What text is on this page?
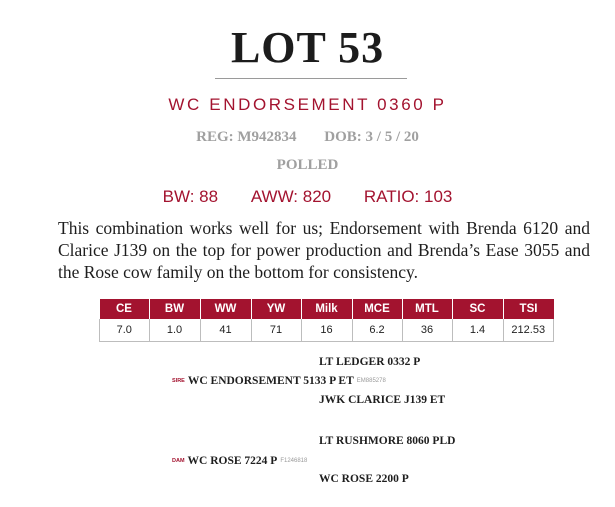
LOT 53
WC ENDORSEMENT 0360 P
REG: M942834 DOB: 3 / 5 / 20
POLLED
BW: 88 AWW: 820 RATIO: 103
This combination works well for us; Endorsement with Brenda 6120 and Clarice J139 on the top for power production and Brenda’s Ease 3055 and the Rose cow family on the bottom for consistency.
CE	BW	WW	YW	Milk	MCE	MTL	SC	TSI
7.0	1.0	41	71	16	6.2	36	1.4	212.53
LT LEDGER 0332 P
SIRE WC ENDORSEMENT 5133 P ET EM885278
JWK CLARICE J139 ET
LT RUSHMORE 8060 PLD
DAM WC ROSE 7224 P F1246818
WC ROSE 2200 P
